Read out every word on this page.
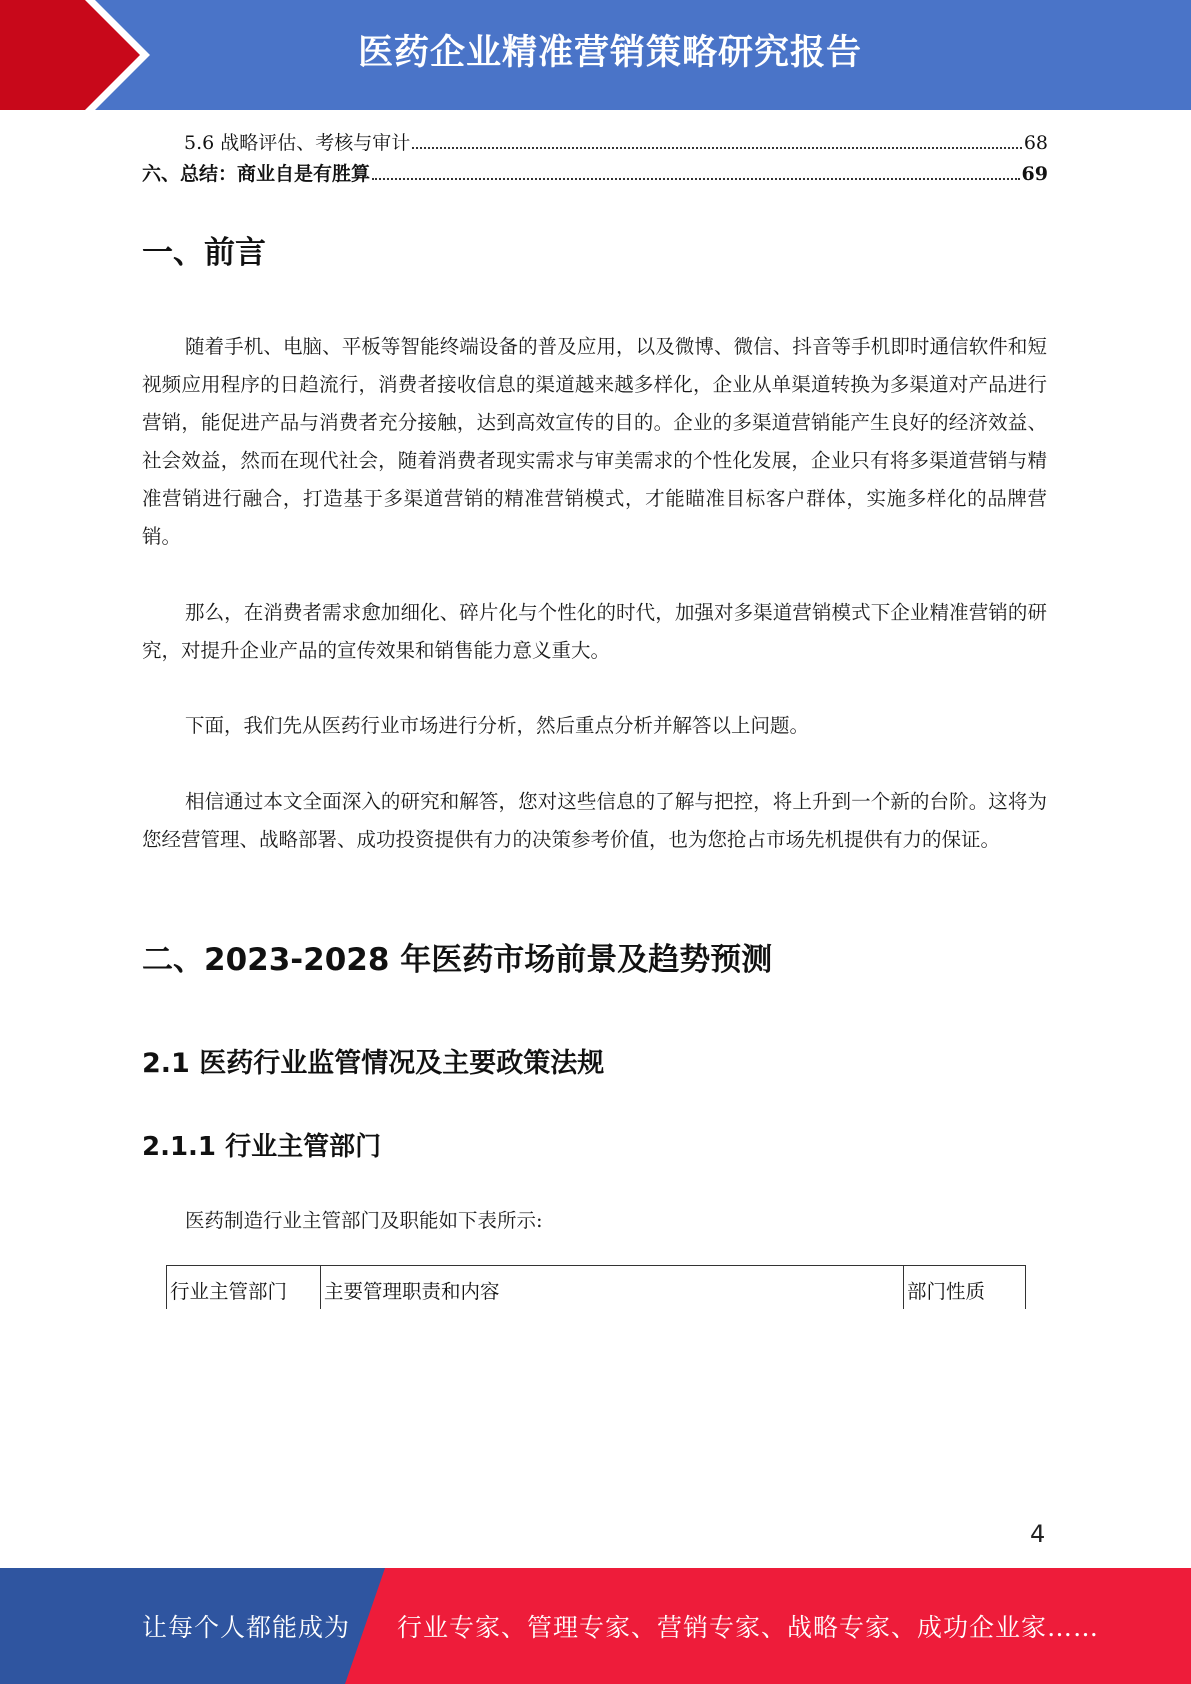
医药企业精准营销策略研究报告
5.6 战略评估、考核与审计	68
六、总结：商业自是有胜算	69
一、前言

随着手机、电脑、平板等智能终端设备的普及应用，以及微博、微信、抖音等手机即时通信软件和短视频应用程序的日趋流行，消费者接收信息的渠道越来越多样化，企业从单渠道转换为多渠道对产品进行营销，能促进产品与消费者充分接触，达到高效宣传的目的。企业的多渠道营销能产生良好的经济效益、社会效益，然而在现代社会，随着消费者现实需求与审美需求的个性化发展，企业只有将多渠道营销与精准营销进行融合，打造基于多渠道营销的精准营销模式，才能瞄准目标客户群体，实施多样化的品牌营销。

那么，在消费者需求愈加细化、碎片化与个性化的时代，加强对多渠道营销模式下企业精准营销的研究，对提升企业产品的宣传效果和销售能力意义重大。

下面，我们先从医药行业市场进行分析，然后重点分析并解答以上问题。

相信通过本文全面深入的研究和解答，您对这些信息的了解与把控，将上升到一个新的台阶。这将为您经营管理、战略部署、成功投资提供有力的决策参考价值，也为您抢占市场先机提供有力的保证。

二、2023-2028 年医药市场前景及趋势预测
2.1 医药行业监管情况及主要政策法规
2.1.1 行业主管部门

医药制造行业主管部门及职能如下表所示:

行业主管部门	主要管理职责和内容	部门性质
4
让每个人都能成为 行业专家、管理专家、营销专家、战略专家、成功企业家……
